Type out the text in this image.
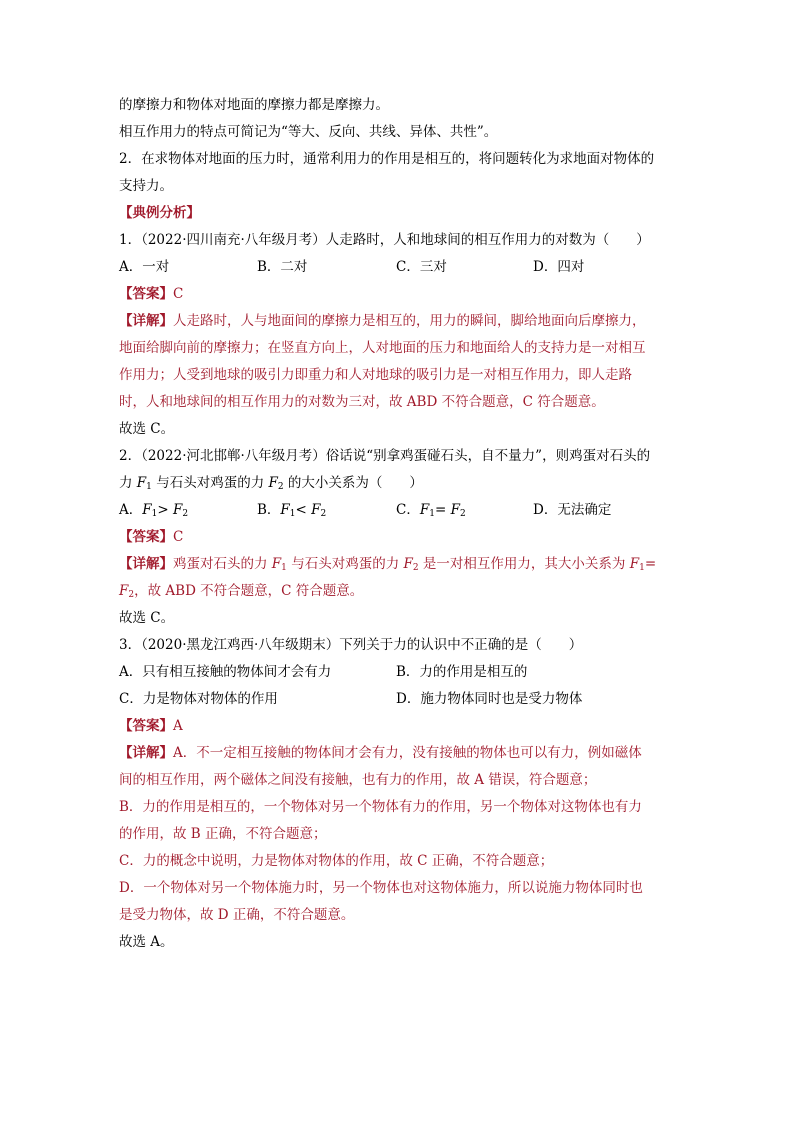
的摩擦力和物体对地面的摩擦力都是摩擦力。
相互作用力的特点可简记为“等大、反向、共线、异体、共性”。
2．在求物体对地面的压力时，通常利用力的作用是相互的，将问题转化为求地面对物体的
支持力。
【典例分析】
1．（2022·四川南充·八年级月考）人走路时，人和地球间的相互作用力的对数为（　　）
A．一对	B．二对	C．三对	D．四对
【答案】C
【详解】人走路时，人与地面间的摩擦力是相互的，用力的瞬间，脚给地面向后摩擦力，
地面给脚向前的摩擦力；在竖直方向上，人对地面的压力和地面给人的支持力是一对相互
作用力；人受到地球的吸引力即重力和人对地球的吸引力是一对相互作用力，即人走路
时，人和地球间的相互作用力的对数为三对，故 ABD 不符合题意，C 符合题意。
故选 C。
2．（2022·河北邯郸·八年级月考）俗话说“别拿鸡蛋碰石头，自不量力”，则鸡蛋对石头的
力 $F_1$ 与石头对鸡蛋的力 $F_2$ 的大小关系为（　　）
A．$F_1> F_2$	B．$F_1< F_2$	C．$F_1= F_2$	D．无法确定
【答案】C
【详解】鸡蛋对石头的力 $F_1$ 与石头对鸡蛋的力 $F_2$ 是一对相互作用力，其大小关系为 $F_1=$
$F_2$，故 ABD 不符合题意，C 符合题意。
故选 C。
3．（2020·黑龙江鸡西·八年级期末）下列关于力的认识中不正确的是（　　）
A．只有相互接触的物体间才会有力	B．力的作用是相互的
C．力是物体对物体的作用	D．施力物体同时也是受力物体
【答案】A
【详解】A．不一定相互接触的物体间才会有力，没有接触的物体也可以有力，例如磁体
间的相互作用，两个磁体之间没有接触，也有力的作用，故 A 错误，符合题意；
B．力的作用是相互的，一个物体对另一个物体有力的作用，另一个物体对这物体也有力
的作用，故 B 正确，不符合题意；
C．力的概念中说明，力是物体对物体的作用，故 C 正确，不符合题意；
D．一个物体对另一个物体施力时，另一个物体也对这物体施力，所以说施力物体同时也
是受力物体，故 D 正确，不符合题意。
故选 A。
